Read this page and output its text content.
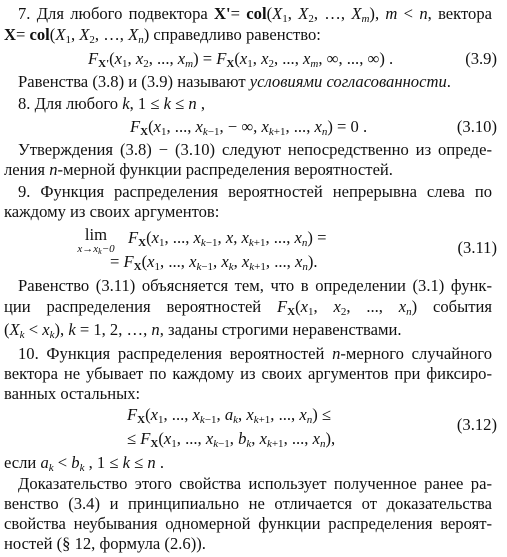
7. Для любого подвектора $X'= col(X_1$, $X_2$, …, $X_m$), m < n, вектора
$X= col(X_1$, $X_2$, …, $X_n$) справедливо равенство:
$F_{X'}(x_1$, $x_2$, ..., $x_m) = F_X(x_1$, $x_2$, ..., $x_m$, ∞, ..., ∞) .	(3.9)
Равенства (3.8) и (3.9) называют условиями согласованности.
8. Для любого k, 1 ≤ k ≤ n ,
$F_X(x_1$, ..., $x_{k-1}$, − ∞, $x_{k+1}$, ..., $x_n) = 0$ .	(3.10)
Утверждения (3.8) − (3.10) следуют непосредственно из опреде-
ления n-мерной функции распределения вероятностей.
9. Функция распределения вероятностей непрерывна слева по
каждому из своих аргументов:
lim
x→xk−0
$F_X(x_1$, ..., $x_{k-1}$, x, $x_{k+1}$, ..., $x_n$) =
(3.11)
= $F_X(x_1$, ..., $x_{k-1}$, $x_k$, $x_{k+1}$, ..., $x_n$).
Равенство (3.11) объясняется тем, что в определении (3.1) функ-
ции распределения вероятностей $F_X(x_1$, $x_2$, ..., $x_n$) события
$(X_k < x_k)$, k = 1, 2, …, n, заданы строгими неравенствами.
10. Функция распределения вероятностей n-мерного случайного
вектора не убывает по каждому из своих аргументов при фиксиро-
ванных остальных:
$F_X(x_1$, ..., $x_{k-1}$, $a_k$, $x_{k+1}$, ..., $x_n$) ≤
(3.12)
≤ $F_X(x_1$, ..., $x_{k-1}$, $b_k$, $x_{k+1}$, ..., $x_n$),
если $a_k < b_k$ , 1 ≤ k ≤ n .
Доказательство этого свойства использует полученное ранее ра-
венство (3.4) и принципиально не отличается от доказательства
свойства неубывания одномерной функции распределения вероят-
ностей (§ 12, формула (2.6)).
